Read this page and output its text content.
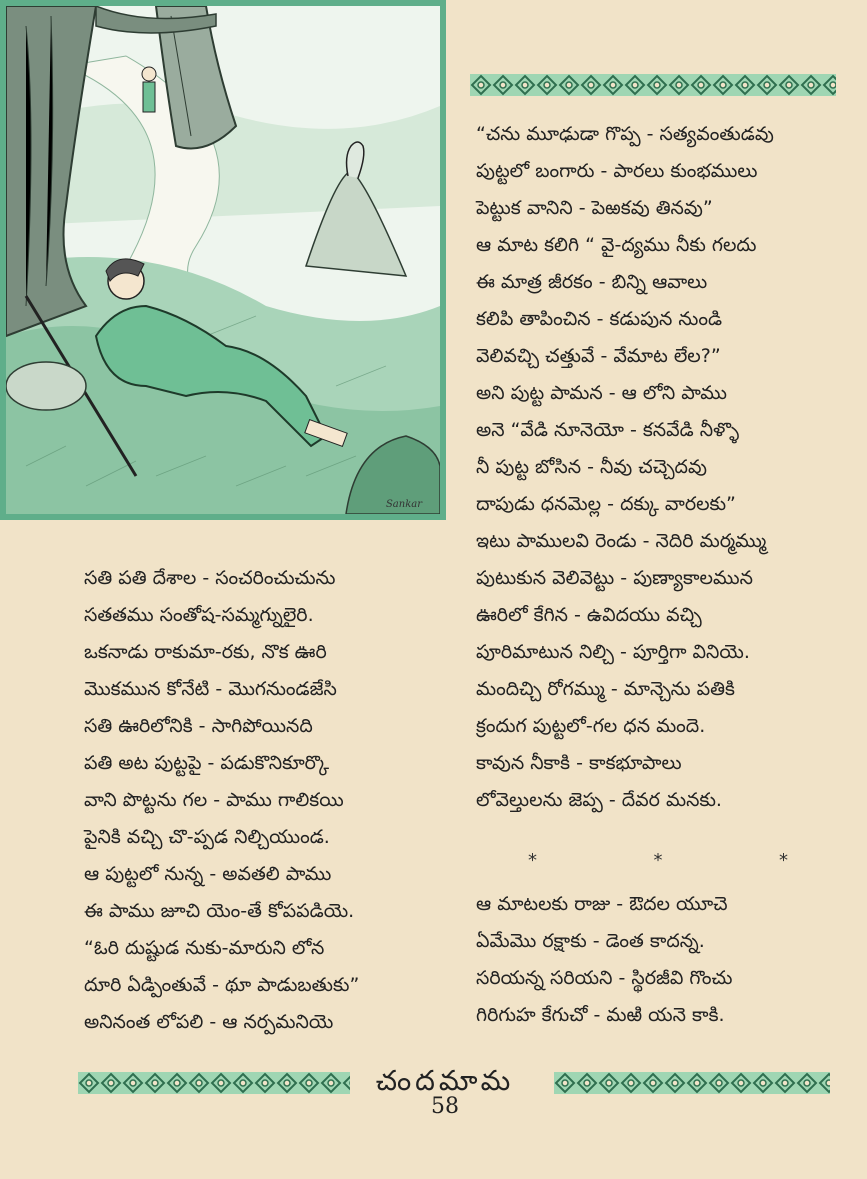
Sankar
“చను మూఢుడా గొప్ప - సత్యవంతుడవు
పుట్టలో బంగారు - పారలు కుంభములు
పెట్టుక వానిని - పెఱకవు తినవు”
ఆ మాట కలిగి “ వై-ద్యము నీకు గలదు
ఈ మాత్ర జీరకం - బిన్ని ఆవాలు
కలిపి తాపించిన - కడుపున నుండి
వెలివచ్చి చత్తువే - వేమాట లేల?”
అని పుట్ట పామన - ఆ లోని పాము
అనె “వేడి నూనెయో - కనవేడి నీళ్ళొ
నీ పుట్ట బోసిన - నీవు చచ్చెదవు
దాపుడు ధనమెల్ల - దక్కు వారలకు”
ఇటు పాములవి రెండు - నెదిరి మర్మమ్ము
పుటుకున వెలివెట్టు - పుణ్యాకాలమున
ఊరిలో కేగిన - ఉవిదయు వచ్చి
పూరిమాటున నిల్చి - పూర్తిగా వినియె.
మందిచ్చి రోగమ్ము - మాన్చెను పతికి
క్రందుగ పుట్టలో-గల ధన మందె.
కావున నీకాకి - కాకభూపాలు
లోవెల్తులను జెప్ప - దేవర మనకు.
*	*	*
ఆ మాటలకు రాజు - ఔదల యూచె
ఏమేమొ రక్షాకు - డెంత కాదన్న.
సరియన్న సరియని - స్థిరజీవి గొంచు
గిరిగుహ కేగుచో - మఱి యనె కాకి.
సతి పతి దేశాల - సంచరించుచును
సతతము సంతోష-సమ్మగ్నులైరి.
ఒకనాడు రాకుమా-రకు, నొక ఊరి
మొకమున కోనేటి - మొగనుండజేసి
సతి ఊరిలోనికి - సాగిపోయినది
పతి అట పుట్టపై - పడుకొనికూర్కొ
వాని పొట్టను గల - పాము గాలికయి
పైనికి వచ్చి చొ-ప్పడ నిల్చియుండ.
ఆ పుట్టలో నున్న - అవతలి పాము
ఈ పాము జూచి యెం-తే కోపపడియె.
“ఓరి దుష్టుడ నుకు-మారుని లోన
దూరి ఏడ్పింతువే - థూ పాడుబతుకు”
అనినంత లోపలి - ఆ నర్పమనియె
చందమామ
58
